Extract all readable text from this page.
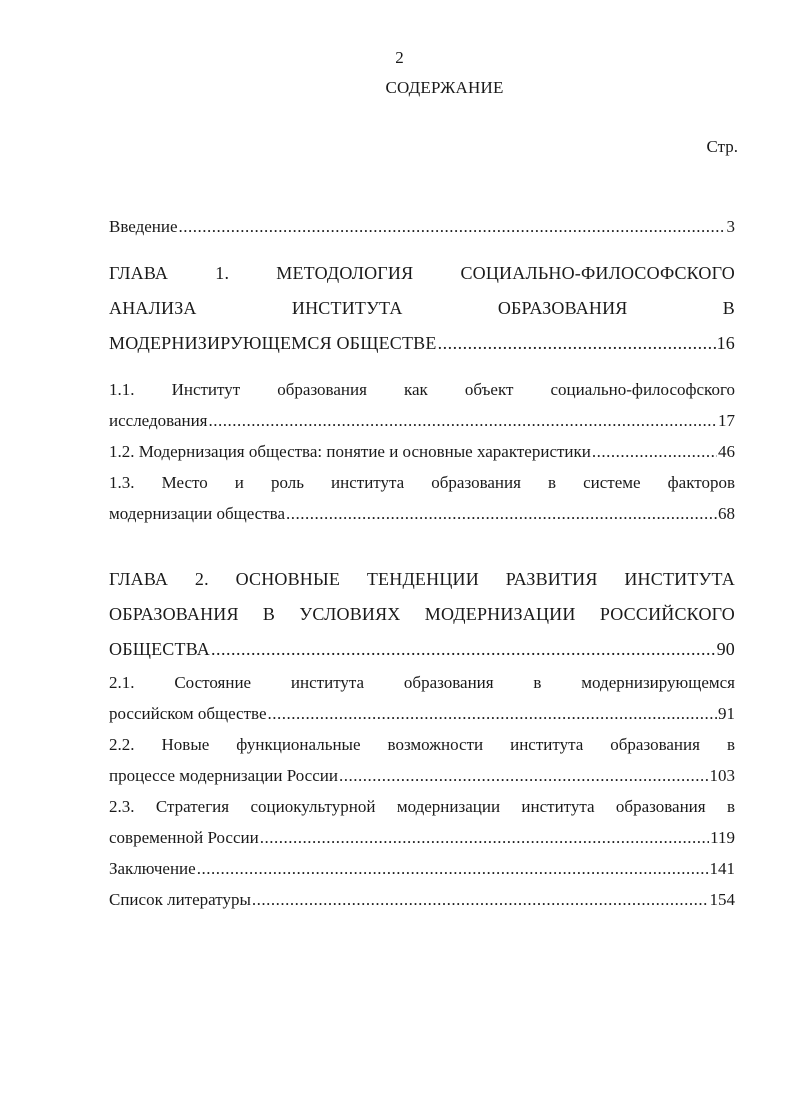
2
СОДЕРЖАНИЕ
Стр.
Введение .....	3
ГЛАВА 1. МЕТОДОЛОГИЯ СОЦИАЛЬНО-ФИЛОСОФСКОГО
АНАЛИЗА ИНСТИТУТА ОБРАЗОВАНИЯ В
МОДЕРНИЗИРУЮЩЕМСЯ ОБЩЕСТВЕ .....	16
1.1. Институт образования как объект социально-философского
исследования .....	17
1.2. Модернизация общества: понятие и основные характеристики .....	46
1.3. Место и роль института образования в системе факторов
модернизации общества .....	68
ГЛАВА 2. ОСНОВНЫЕ ТЕНДЕНЦИИ РАЗВИТИЯ ИНСТИТУТА
ОБРАЗОВАНИЯ В УСЛОВИЯХ МОДЕРНИЗАЦИИ РОССИЙСКОГО
ОБЩЕСТВА .....	90
2.1. Состояние института образования в модернизирующемся
российском обществе .....	91
2.2. Новые функциональные возможности института образования в
процессе модернизации России .....	103
2.3. Стратегия социокультурной модернизации института образования в
современной России .....	119
Заключение .....	141
Список литературы .....	154
